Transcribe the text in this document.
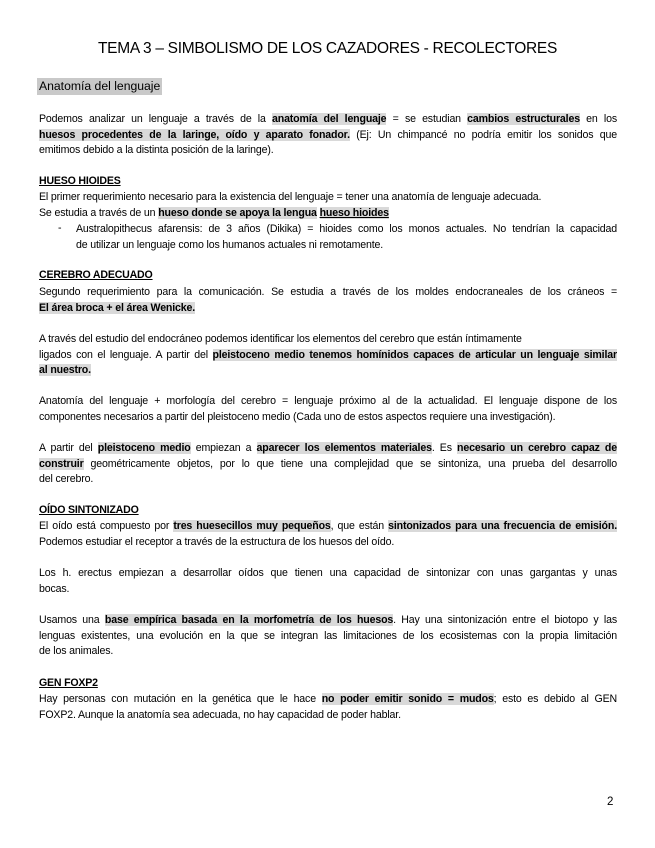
TEMA 3 – SIMBOLISMO DE LOS CAZADORES - RECOLECTORES
Anatomía del lenguaje
Podemos analizar un lenguaje a través de la anatomía del lenguaje = se estudian cambios estructurales en los
huesos procedentes de la laringe, oído y aparato fonador. (Ej: Un chimpancé no podría emitir los sonidos que
emitimos debido a la distinta posición de la laringe).
HUESO HIOIDES
El primer requerimiento necesario para la existencia del lenguaje = tener una anatomía de lenguaje adecuada.
Se estudia a través de un hueso donde se apoya la lengua hueso hioides
- Australopithecus afarensis: de 3 años (Dikika) = hioides como los monos actuales. No tendrían la capacidad
de utilizar un lenguaje como los humanos actuales ni remotamente.
CEREBRO ADECUADO
Segundo requerimiento para la comunicación. Se estudia a través de los moldes endocraneales de los cráneos =
El área broca + el área Wenicke.
A través del estudio del endocráneo podemos identificar los elementos del cerebro que están íntimamente
ligados con el lenguaje. A partir del pleistoceno medio tenemos homínidos capaces de articular un lenguaje similar
al nuestro.
Anatomía del lenguaje + morfología del cerebro = lenguaje próximo al de la actualidad. El lenguaje dispone de los
componentes necesarios a partir del pleistoceno medio (Cada uno de estos aspectos requiere una investigación).
A partir del pleistoceno medio empiezan a aparecer los elementos materiales. Es necesario un cerebro capaz de
construir geométricamente objetos, por lo que tiene una complejidad que se sintoniza, una prueba del desarrollo
del cerebro.
OÍDO SINTONIZADO
El oído está compuesto por tres huesecillos muy pequeños, que están sintonizados para una frecuencia de emisión.
Podemos estudiar el receptor a través de la estructura de los huesos del oído.
Los h. erectus empiezan a desarrollar oídos que tienen una capacidad de sintonizar con unas gargantas y unas
bocas.
Usamos una base empírica basada en la morfometría de los huesos. Hay una sintonización entre el biotopo y las
lenguas existentes, una evolución en la que se integran las limitaciones de los ecosistemas con la propia limitación
de los animales.
GEN FOXP2
Hay personas con mutación en la genética que le hace no poder emitir sonido = mudos; esto es debido al GEN
FOXP2. Aunque la anatomía sea adecuada, no hay capacidad de poder hablar.
2
